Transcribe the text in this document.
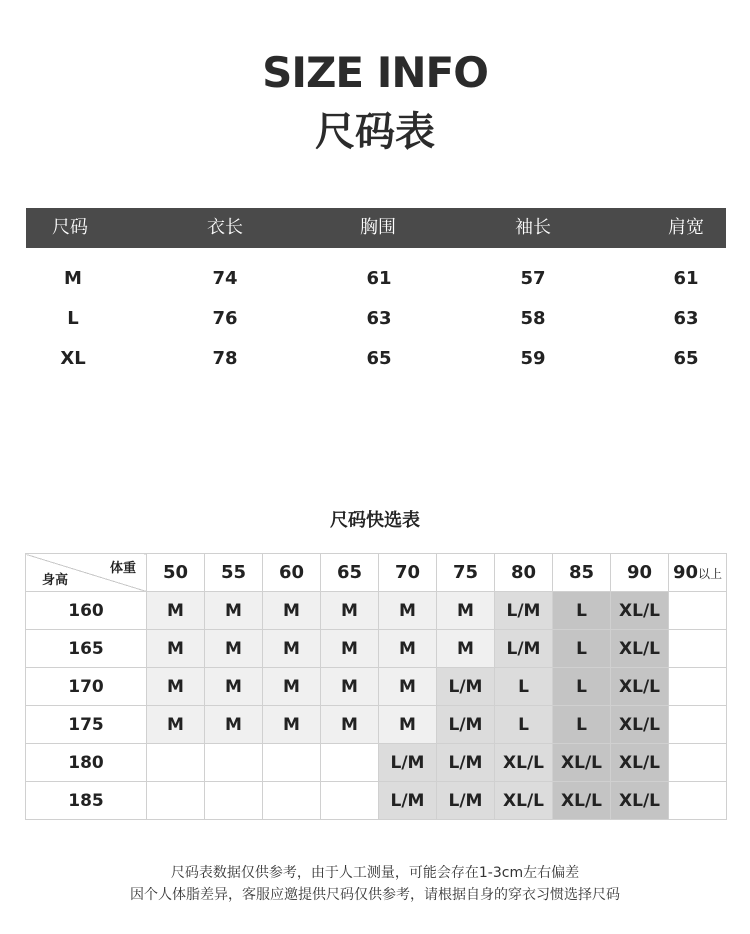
SIZE INFO
尺码表
尺码	衣长	胸围	袖长	肩宽
M	74	61	57	61
L	76	63	58	63
XL	78	65	59	65
尺码快选表
体重
身高	50	55	60	65	70	75	80	85	90	90以上
160	M	M	M	M	M	M	L/M	L	XL/L	
165	M	M	M	M	M	M	L/M	L	XL/L	
170	M	M	M	M	M	L/M	L	L	XL/L	
175	M	M	M	M	M	L/M	L	L	XL/L	
180					L/M	L/M	XL/L	XL/L	XL/L	
185					L/M	L/M	XL/L	XL/L	XL/L	
尺码表数据仅供参考，由于人工测量，可能会存在1-3cm左右偏差
因个人体脂差异，客服应邀提供尺码仅供参考，请根据自身的穿衣习惯选择尺码
